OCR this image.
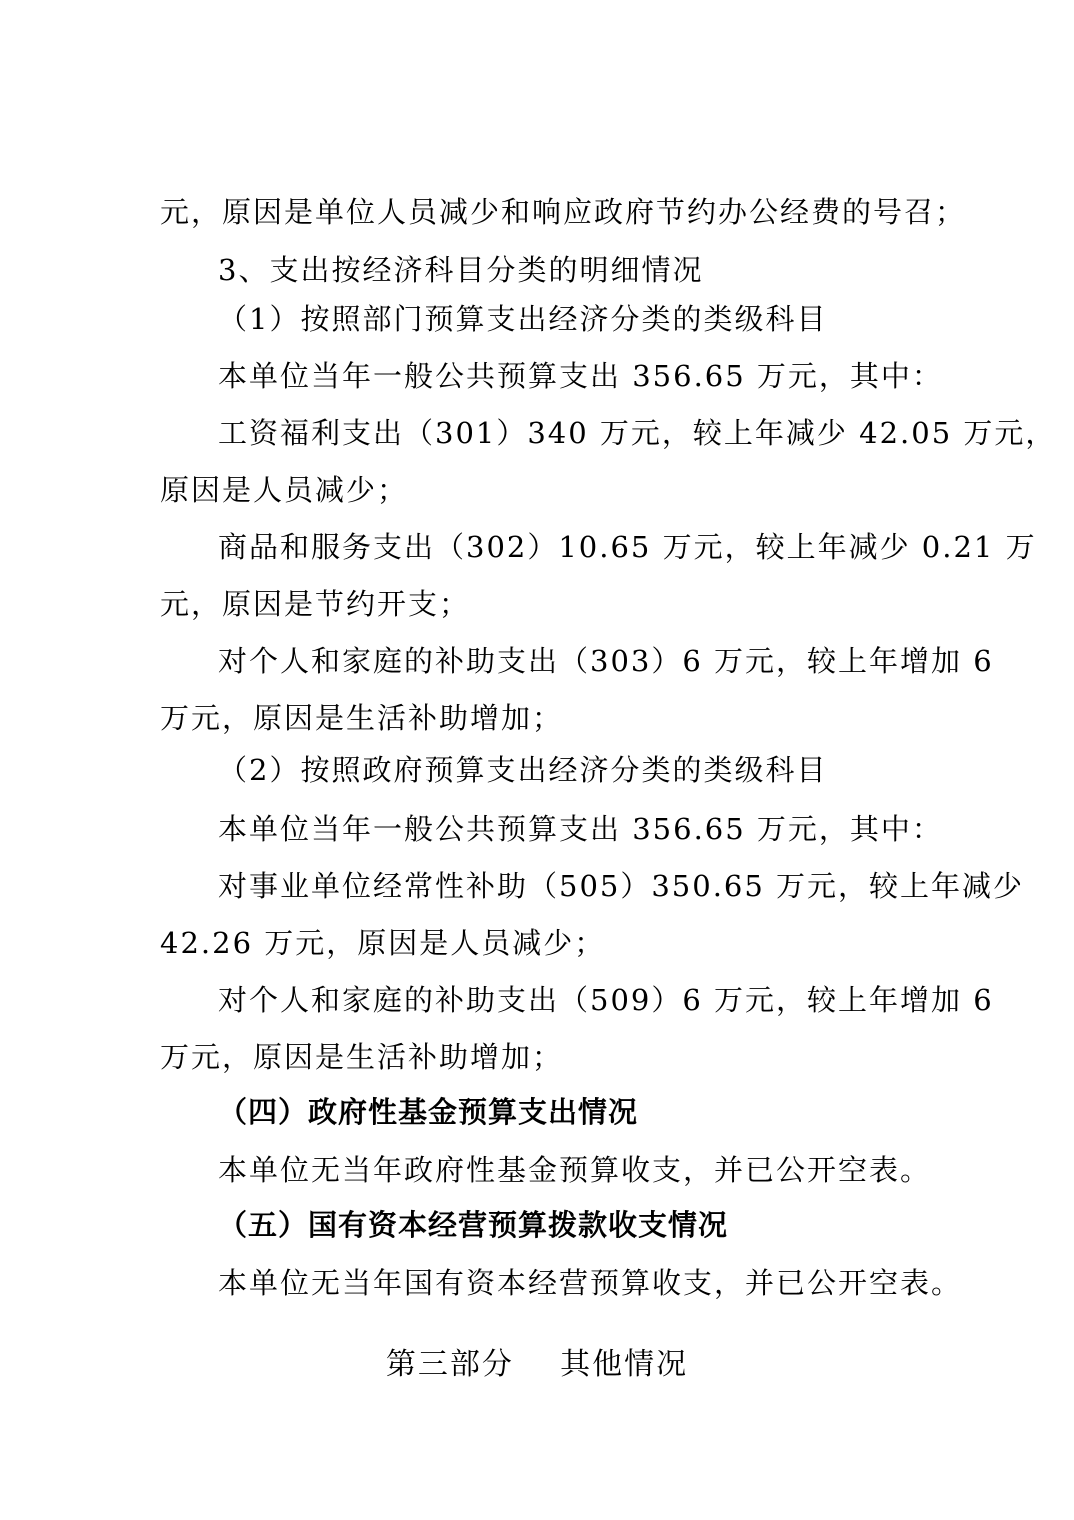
元，原因是单位人员减少和响应政府节约办公经费的号召；
3、支出按经济科目分类的明细情况
（1）按照部门预算支出经济分类的类级科目
本单位当年一般公共预算支出 356.65 万元，其中：
工资福利支出（301）340 万元，较上年减少 42.05 万元，
原因是人员减少；
商品和服务支出（302）10.65 万元，较上年减少 0.21 万
元，原因是节约开支；
对个人和家庭的补助支出（303）6 万元，较上年增加 6
万元，原因是生活补助增加；
（2）按照政府预算支出经济分类的类级科目
本单位当年一般公共预算支出 356.65 万元，其中：
对事业单位经常性补助（505）350.65 万元，较上年减少
42.26 万元，原因是人员减少；
对个人和家庭的补助支出（509）6 万元，较上年增加 6
万元，原因是生活补助增加；
（四）政府性基金预算支出情况
本单位无当年政府性基金预算收支，并已公开空表。
（五）国有资本经营预算拨款收支情况
本单位无当年国有资本经营预算收支，并已公开空表。
第三部分    其他情况
